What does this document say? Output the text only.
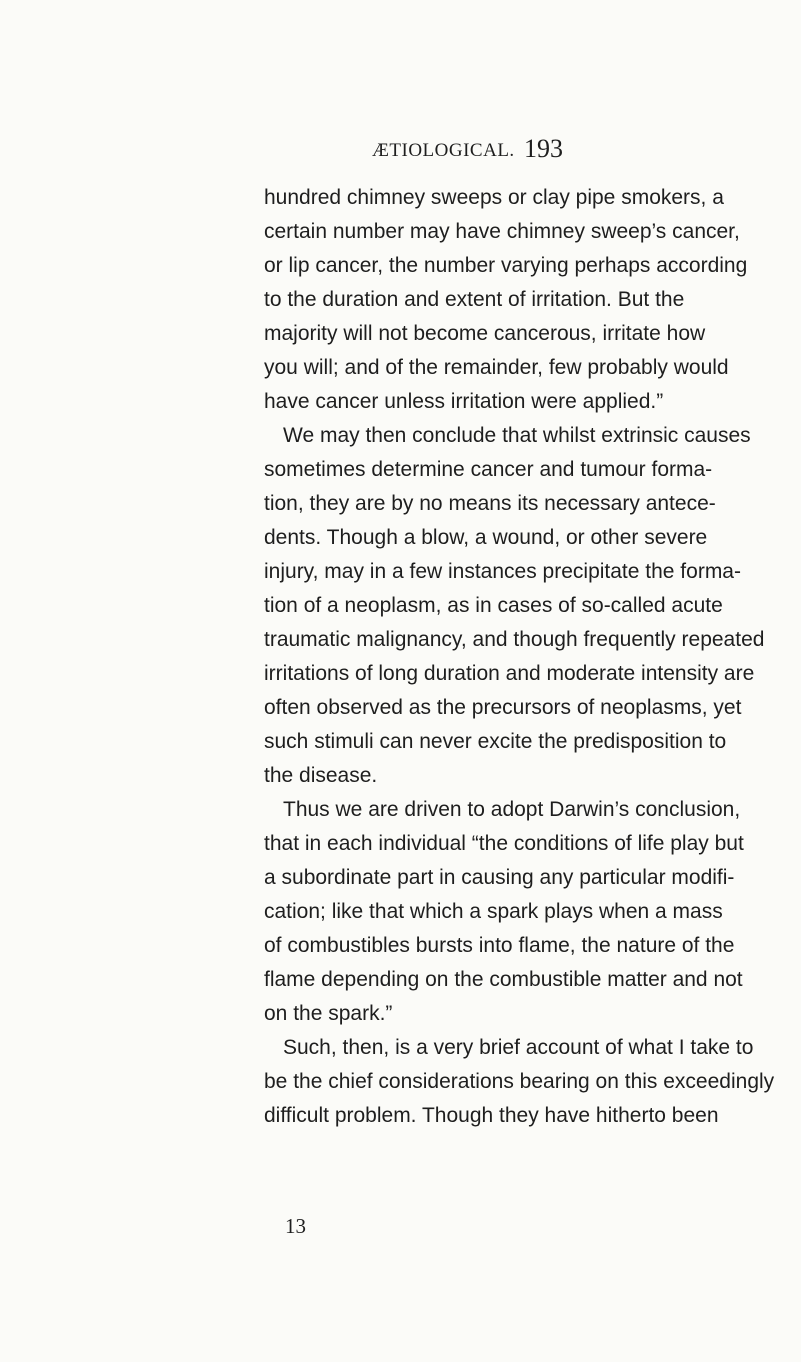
ÆTIOLOGICAL. 193
hundred chimney sweeps or clay pipe smokers, a
certain number may have chimney sweep’s cancer,
or lip cancer, the number varying perhaps according
to the duration and extent of irritation. But the
majority will not become cancerous, irritate how
you will; and of the remainder, few probably would
have cancer unless irritation were applied.”
We may then conclude that whilst extrinsic causes
sometimes determine cancer and tumour forma-
tion, they are by no means its necessary antece-
dents. Though a blow, a wound, or other severe
injury, may in a few instances precipitate the forma-
tion of a neoplasm, as in cases of so-called acute
traumatic malignancy, and though frequently repeated
irritations of long duration and moderate intensity are
often observed as the precursors of neoplasms, yet
such stimuli can never excite the predisposition to
the disease.
Thus we are driven to adopt Darwin’s conclusion,
that in each individual “the conditions of life play but
a subordinate part in causing any particular modifi-
cation; like that which a spark plays when a mass
of combustibles bursts into flame, the nature of the
flame depending on the combustible matter and not
on the spark.”
Such, then, is a very brief account of what I take to
be the chief considerations bearing on this exceedingly
difficult problem. Though they have hitherto been
13
